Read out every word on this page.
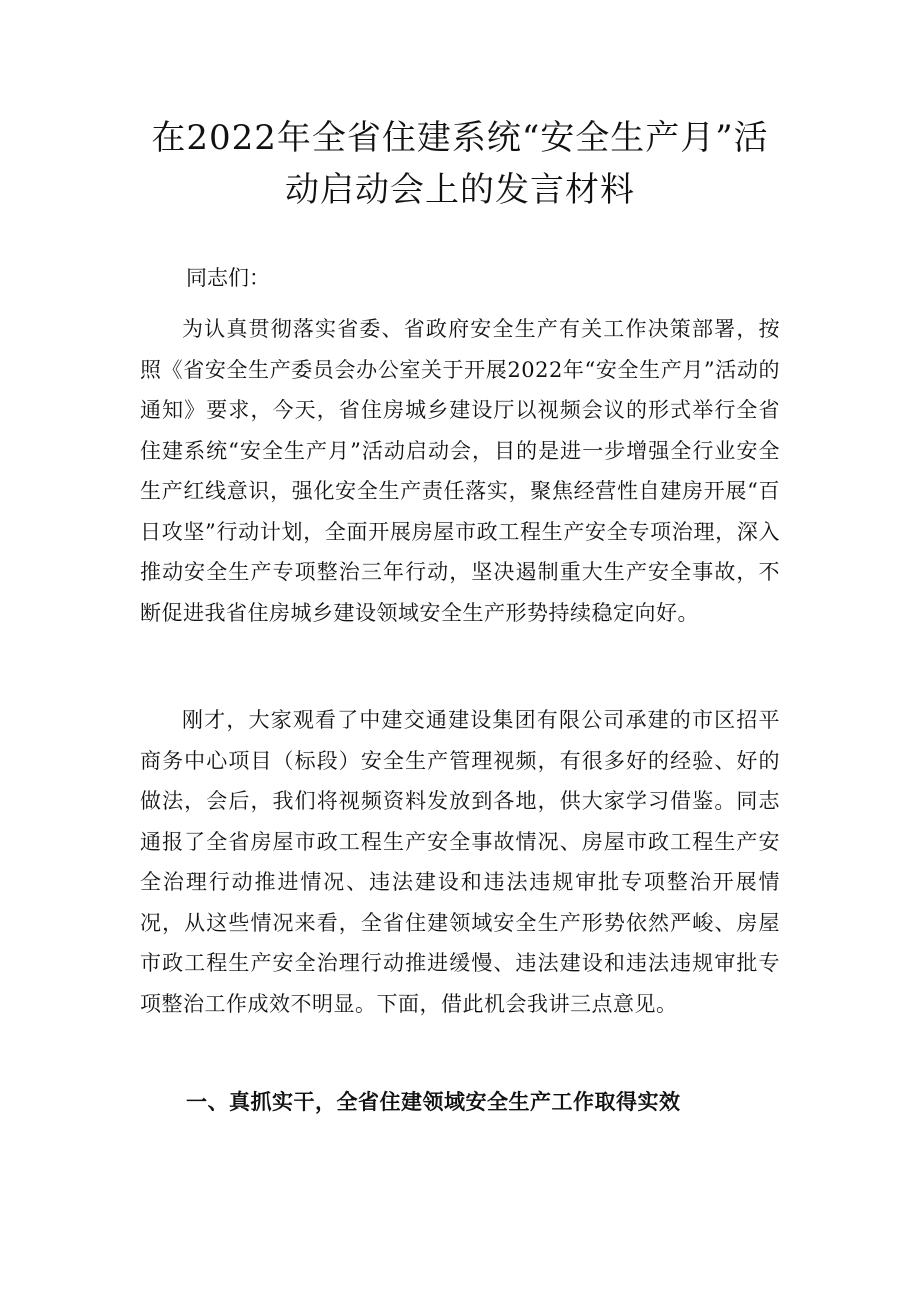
在2022年全省住建系统“安全生产月”活
动启动会上的发言材料

同志们：

为认真贯彻落实省委、省政府安全生产有关工作决策部署，按照《省安全生产委员会办公室关于开展2022年“安全生产月”活动的通知》要求，今天，省住房城乡建设厅以视频会议的形式举行全省住建系统“安全生产月”活动启动会，目的是进一步增强全行业安全生产红线意识，强化安全生产责任落实，聚焦经营性自建房开展“百日攻坚”行动计划，全面开展房屋市政工程生产安全专项治理，深入推动安全生产专项整治三年行动，坚决遏制重大生产安全事故，不断促进我省住房城乡建设领域安全生产形势持续稳定向好。

刚才，大家观看了中建交通建设集团有限公司承建的市区招平商务中心项目（标段）安全生产管理视频，有很多好的经验、好的做法，会后，我们将视频资料发放到各地，供大家学习借鉴。同志通报了全省房屋市政工程生产安全事故情况、房屋市政工程生产安全治理行动推进情况、违法建设和违法违规审批专项整治开展情况，从这些情况来看，全省住建领域安全生产形势依然严峻、房屋市政工程生产安全治理行动推进缓慢、违法建设和违法违规审批专项整治工作成效不明显。下面，借此机会我讲三点意见。

一、真抓实干，全省住建领域安全生产工作取得实效
